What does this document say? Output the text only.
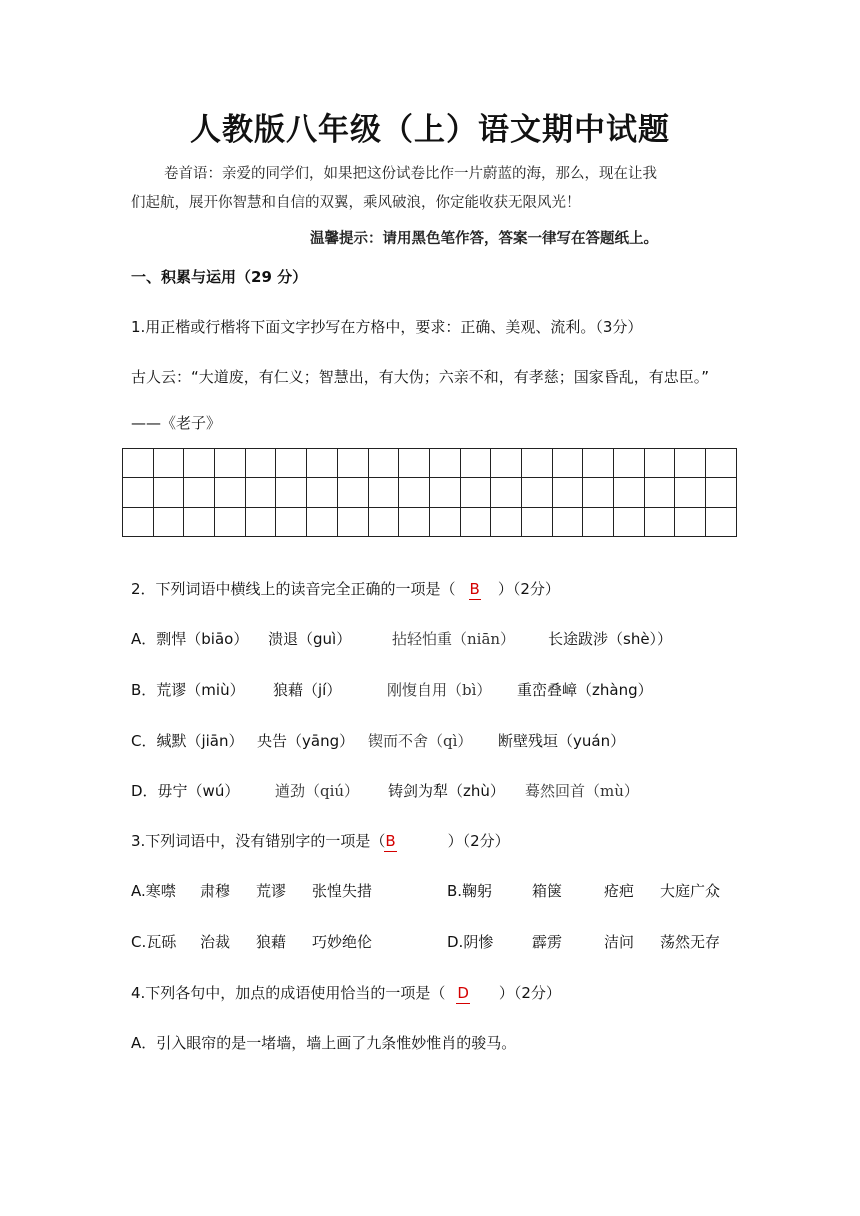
人教版八年级（上）语文期中试题
卷首语：亲爱的同学们，如果把这份试卷比作一片蔚蓝的海，那么，现在让我
们起航，展开你智慧和自信的双翼，乘风破浪，你定能收获无限风光！
温馨提示：请用黑色笔作答，答案一律写在答题纸上。
一、积累与运用（29 分）
1.用正楷或行楷将下面文字抄写在方格中，要求：正确、美观、流利。（3分）
古人云：“大道废，有仁义；智慧出，有大伪；六亲不和，有孝慈；国家昏乱，有忠臣。”
——《老子》

2．下列词语中横线上的读音完全正确的一项是（ B ）（2分）
A．剽悍（biāo） 溃退（guì）	拈轻怕重（niān） 长途跋涉（shè））
B．荒谬（miù） 狼藉（jí）	刚愎自用（bì） 重峦叠嶂（zhàng）
C．缄默（jiān） 央告（yāng） 锲而不舍（qì） 断壁残垣（yuán）
D．毋宁（wú） 遒劲（qiú） 铸剑为犁（zhù） 蓦然回首（mù）
3.下列词语中，没有错别字的一项是（B	）（2分）
A.寒噤 肃穆 荒谬 张惶失措	B.鞠躬	箱箧	疮疤 大庭广众
C.瓦砾 治裁 狼藉 巧妙绝伦	D.阴惨	霹雳	洁问 荡然无存
4.下列各句中，加点的成语使用恰当的一项是（ D ）（2分）
A．引入眼帘的是一堵墙，墙上画了九条惟妙惟肖的骏马。
